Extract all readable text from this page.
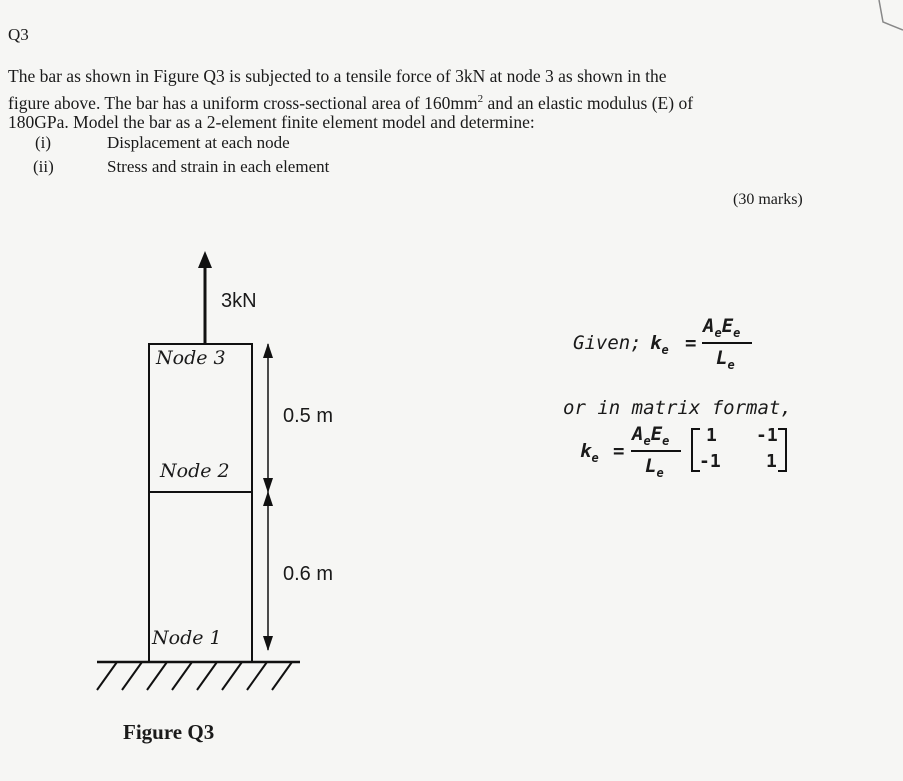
Q3
The bar as shown in Figure Q3 is subjected to a tensile force of 3kN at node 3 as shown in the
figure above. The bar has a uniform cross-sectional area of $160mm^2$ and an elastic modulus (E) of
180GPa. Model the bar as a 2-element finite element model and determine:
(i)	Displacement at each node
(ii)	Stress and strain in each element
(30 marks)
3kN
Node 3
Node 2
Node 1
0.5 m
0.6 m
Figure Q3
Given; $k_e$ =
$A_eE_e$
$L_e$
or in matrix format,
$k_e$ =
$A_eE_e$
$L_e$
1 -1
-1	1
